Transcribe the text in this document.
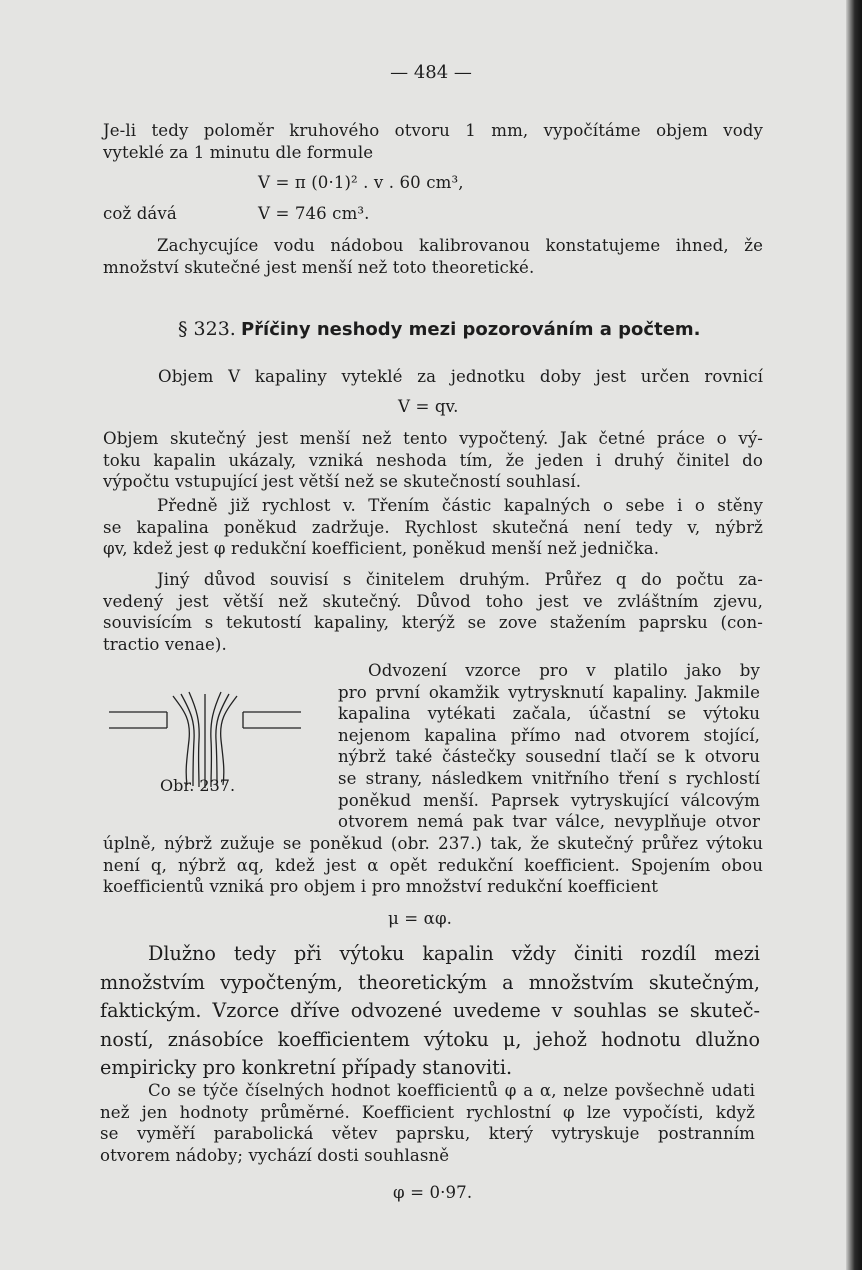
— 484 —
Je-li tedy poloměr kruhového otvoru 1 mm, vypočítáme objem vody
vyteklé za 1 minutu dle formule
V = π (0·1)² . v . 60 cm³,
což dává	V = 746 cm³.
Zachycujíce vodu nádobou kalibrovanou konstatujeme ihned, že
množství skutečné jest menší než toto theoretické.
§ 323. Příčiny neshody mezi pozorováním a počtem.
Objem V kapaliny vyteklé za jednotku doby jest určen rovnicí
V = qv.
Objem skutečný jest menší než tento vypočtený. Jak četné práce o vý-
toku kapalin ukázaly, vzniká neshoda tím, že jeden i druhý činitel do
výpočtu vstupující jest větší než se skutečností souhlasí.
Předně již rychlost v. Třením částic kapalných o sebe i o stěny
se kapalina poněkud zadržuje. Rychlost skutečná není tedy v, nýbrž
φv, kdež jest φ redukční koefficient, poněkud menší než jednička.
Jiný důvod souvisí s činitelem druhým. Průřez q do počtu za-
vedený jest větší než skutečný. Důvod toho jest ve zvláštním zjevu,
souvisícím s tekutostí kapaliny, kterýž se zove stažením paprsku (con-
tractio venae).
Obr. 237.
Odvození vzorce pro v platilo jako by
pro první okamžik vytrysknutí kapaliny. Jakmile
kapalina vytékati začala, účastní se výtoku
nejenom kapalina přímo nad otvorem stojící,
nýbrž také částečky sousední tlačí se k otvoru
se strany, následkem vnitřního tření s rychlostí
poněkud menší. Paprsek vytryskující válcovým
otvorem nemá pak tvar válce, nevyplňuje otvor
úplně, nýbrž zužuje se poněkud (obr. 237.) tak, že skutečný průřez výtoku
není q, nýbrž αq, kdež jest α opět redukční koefficient. Spojením obou
koefficientů vzniká pro objem i pro množství redukční koefficient
μ = αφ.
Dlužno tedy při výtoku kapalin vždy činiti rozdíl mezi
množstvím vypočteným, theoretickým a množstvím skutečným,
faktickým. Vzorce dříve odvozené uvedeme v souhlas se skuteč-
ností, znásobíce koefficientem výtoku μ, jehož hodnotu dlužno
empiricky pro konkretní případy stanoviti.
Co se týče číselných hodnot koefficientů φ a α, nelze povšechně udati
než jen hodnoty průměrné. Koefficient rychlostní φ lze vypočísti, když
se vyměří parabolická větev paprsku, který vytryskuje postranním
otvorem nádoby; vychází dosti souhlasně
φ = 0·97.
